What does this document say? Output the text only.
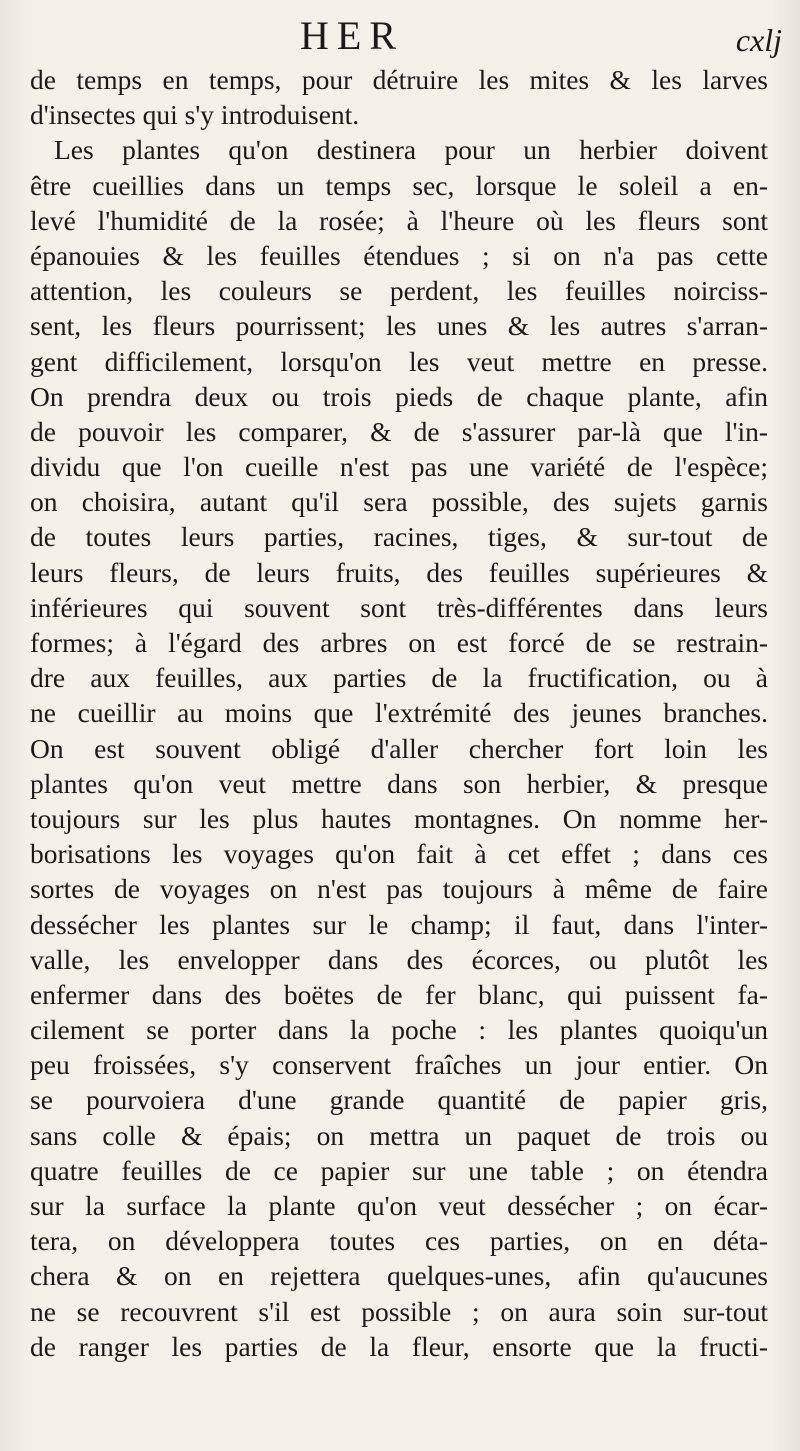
HER	cxlj
de temps en temps, pour détruire les mites & les larves
d'insectes qui s'y introduisent.
Les plantes qu'on destinera pour un herbier doivent
être cueillies dans un temps sec, lorsque le soleil a en-
levé l'humidité de la rosée; à l'heure où les fleurs sont
épanouies & les feuilles étendues ; si on n'a pas cette
attention, les couleurs se perdent, les feuilles noirciss-
sent, les fleurs pourrissent; les unes & les autres s'arran-
gent difficilement, lorsqu'on les veut mettre en presse.
On prendra deux ou trois pieds de chaque plante, afin
de pouvoir les comparer, & de s'assurer par-là que l'in-
dividu que l'on cueille n'est pas une variété de l'espèce;
on choisira, autant qu'il sera possible, des sujets garnis
de toutes leurs parties, racines, tiges, & sur-tout de
leurs fleurs, de leurs fruits, des feuilles supérieures &
inférieures qui souvent sont très-différentes dans leurs
formes; à l'égard des arbres on est forcé de se restrain-
dre aux feuilles, aux parties de la fructification, ou à
ne cueillir au moins que l'extrémité des jeunes branches.
On est souvent obligé d'aller chercher fort loin les
plantes qu'on veut mettre dans son herbier, & presque
toujours sur les plus hautes montagnes. On nomme her-
borisations les voyages qu'on fait à cet effet ; dans ces
sortes de voyages on n'est pas toujours à même de faire
dessécher les plantes sur le champ; il faut, dans l'inter-
valle, les envelopper dans des écorces, ou plutôt les
enfermer dans des boëtes de fer blanc, qui puissent fa-
cilement se porter dans la poche : les plantes quoiqu'un
peu froissées, s'y conservent fraîches un jour entier. On
se pourvoiera d'une grande quantité de papier gris,
sans colle & épais; on mettra un paquet de trois ou
quatre feuilles de ce papier sur une table ; on étendra
sur la surface la plante qu'on veut dessécher ; on écar-
tera, on développera toutes ces parties, on en déta-
chera & on en rejettera quelques-unes, afin qu'aucunes
ne se recouvrent s'il est possible ; on aura soin sur-tout
de ranger les parties de la fleur, ensorte que la fructi-
